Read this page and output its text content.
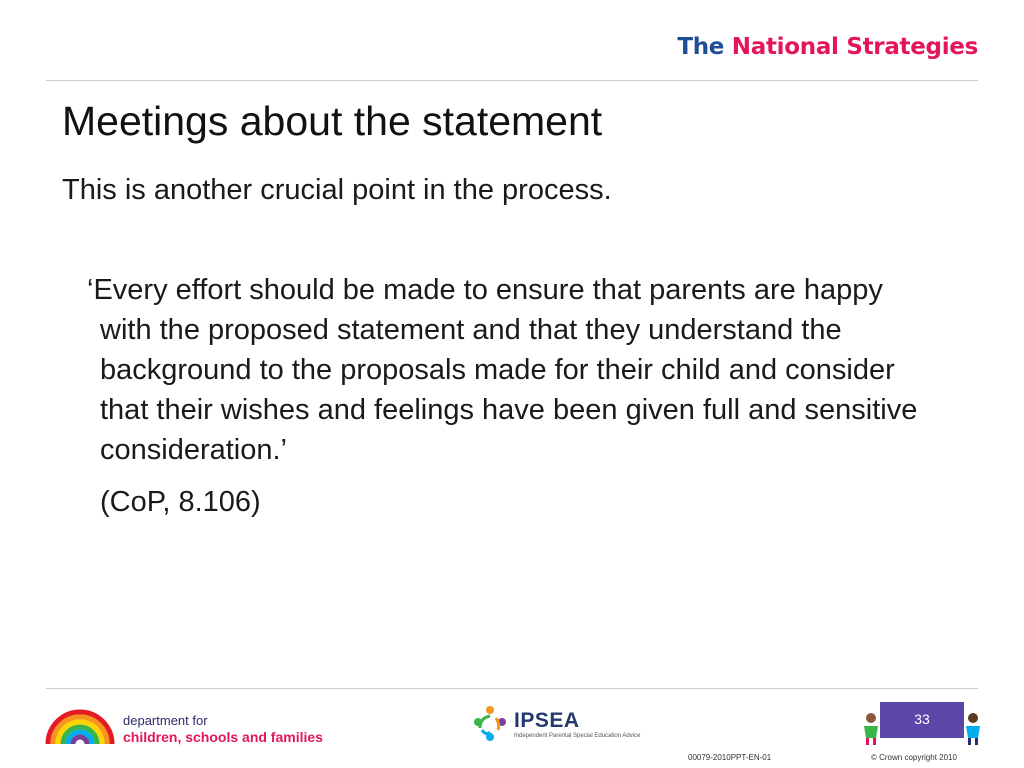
The National Strategies
Meetings about the statement

This is another crucial point in the process.

‘Every effort should be made to ensure that parents are happy with the proposed statement and that they understand the background to the proposals made for their child and consider that their wishes and feelings have been given full and sensitive consideration.’

(CoP, 8.106)

department for
children, schools and families
IPSEA
Independent Parental Special Education Advice
33
00079-2010PPT-EN-01	© Crown copyright 2010
